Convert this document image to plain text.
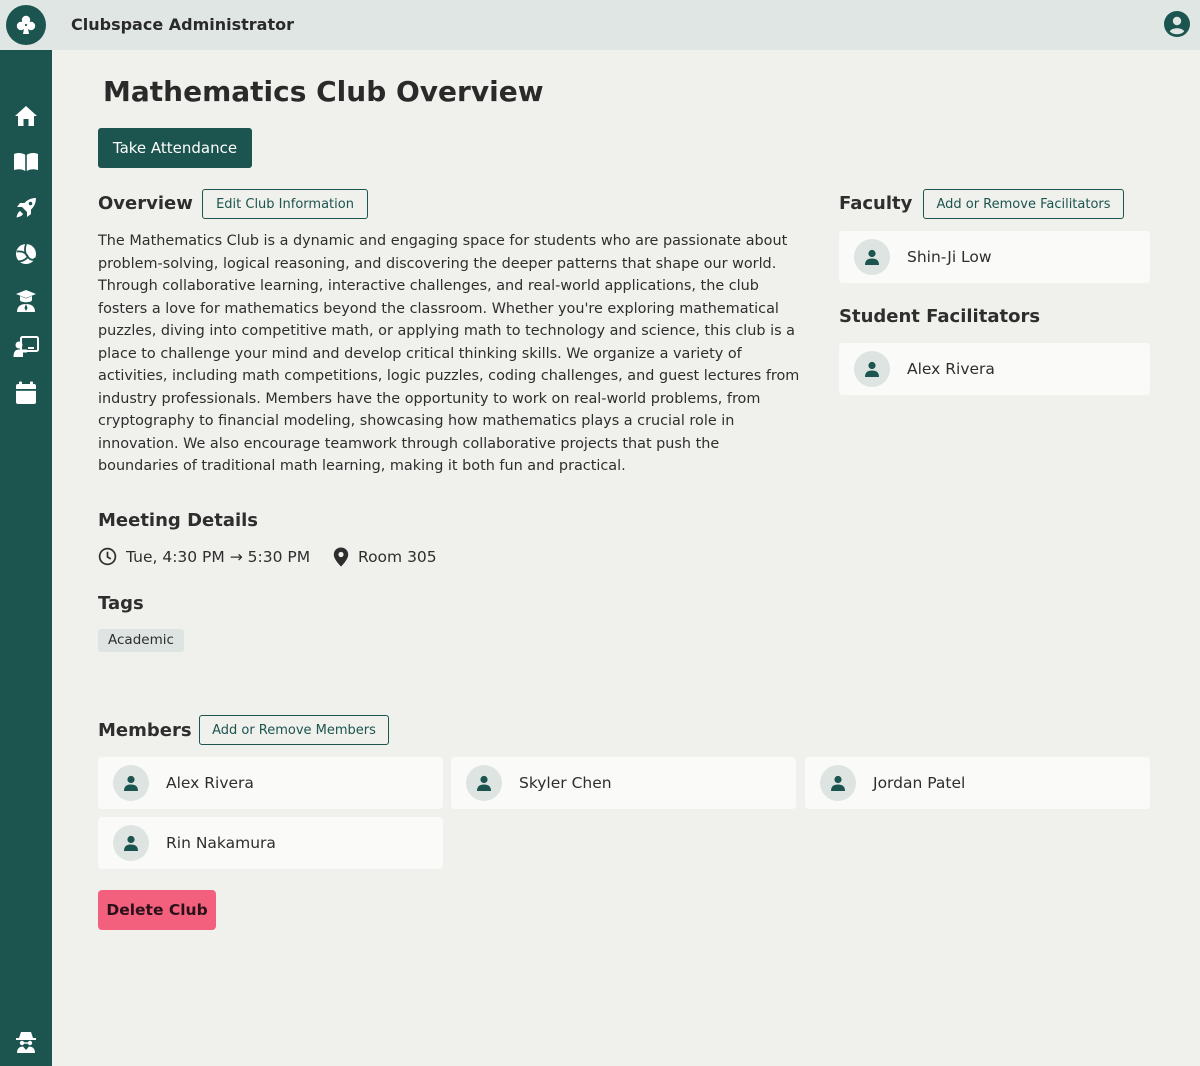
Clubspace Administrator
Mathematics Club Overview
Take Attendance
Overview	Edit Club Information

The Mathematics Club is a dynamic and engaging space for students who are passionate about problem-solving, logical reasoning, and discovering the deeper patterns that shape our world. Through collaborative learning, interactive challenges, and real-world applications, the club fosters a love for mathematics beyond the classroom. Whether you're exploring mathematical puzzles, diving into competitive math, or applying math to technology and science, this club is a place to challenge your mind and develop critical thinking skills. We organize a variety of activities, including math competitions, logic puzzles, coding challenges, and guest lectures from industry professionals. Members have the opportunity to work on real-world problems, from cryptography to financial modeling, showcasing how mathematics plays a crucial role in innovation. We also encourage teamwork through collaborative projects that push the boundaries of traditional math learning, making it both fun and practical.

Meeting Details
Tue, 4:30 PM → 5:30 PM	Room 305
Tags
Academic
Faculty	Add or Remove Facilitators
Shin-Ji Low
Student Facilitators
Alex Rivera
Members	Add or Remove Members
Alex Rivera	Skyler Chen	Jordan Patel
Rin Nakamura
Delete Club
